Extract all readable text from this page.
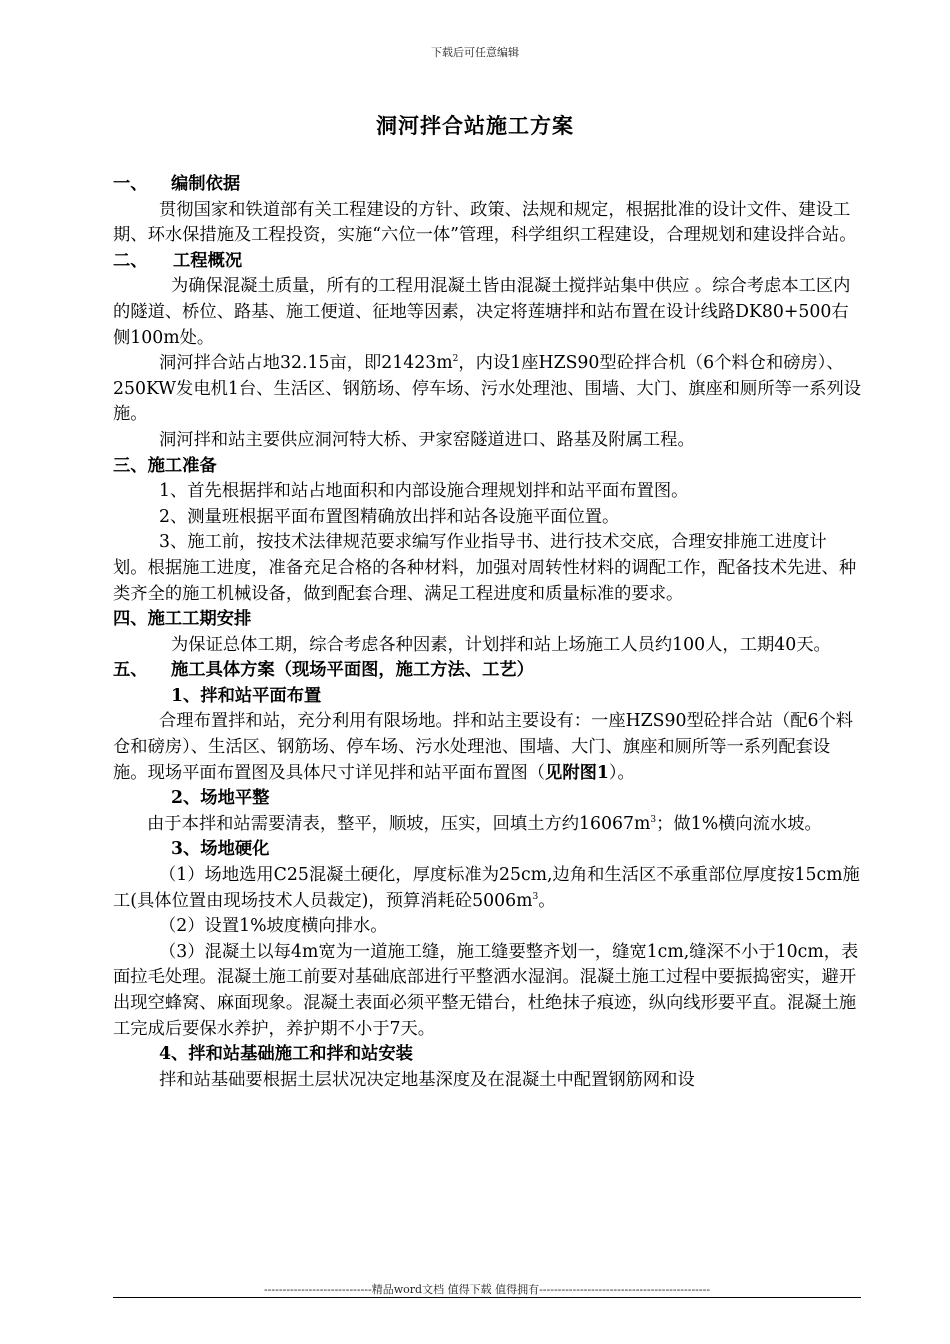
下载后可任意编辑
洞河拌合站施工方案

一、 编制依据

贯彻国家和铁道部有关工程建设的方针、政策、法规和规定，根据批准的设计文件、建设工期、环水保措施及工程投资，实施“六位一体”管理，科学组织工程建设，合理规划和建设拌合站。

二、 工程概况

为确保混凝土质量，所有的工程用混凝土皆由混凝土搅拌站集中供应 。综合考虑本工区内的隧道、桥位、路基、施工便道、征地等因素，决定将莲塘拌和站布置在设计线路DK80+500右侧100m处。

洞河拌合站占地32.15亩，即$21423m^2$，内设1座HZS90型砼拌合机（6个料仓和磅房）、250KW发电机1台、生活区、钢筋场、停车场、污水处理池、围墙、大门、旗座和厕所等一系列设施。

洞河拌和站主要供应洞河特大桥、尹家窑隧道进口、路基及附属工程。

三、施工准备

1、首先根据拌和站占地面积和内部设施合理规划拌和站平面布置图。

2、测量班根据平面布置图精确放出拌和站各设施平面位置。

3、施工前，按技术法律规范要求编写作业指导书、进行技术交底，合理安排施工进度计划。根据施工进度，准备充足合格的各种材料，加强对周转性材料的调配工作，配备技术先进、种类齐全的施工机械设备，做到配套合理、满足工程进度和质量标准的要求。

四、施工工期安排

为保证总体工期，综合考虑各种因素，计划拌和站上场施工人员约100人，工期40天。

五、 施工具体方案（现场平面图，施工方法、工艺）

1、拌和站平面布置

合理布置拌和站，充分利用有限场地。拌和站主要设有：一座HZS90型砼拌合站（配6个料仓和磅房）、生活区、钢筋场、停车场、污水处理池、围墙、大门、旗座和厕所等一系列配套设施。现场平面布置图及具体尺寸详见拌和站平面布置图（见附图1）。

2、场地平整

由于本拌和站需要清表，整平，顺坡，压实，回填土方约$16067m^3$；做1%横向流水坡。

3、场地硬化

（1）场地选用C25混凝土硬化，厚度标准为25cm,边角和生活区不承重部位厚度按15cm施工(具体位置由现场技术人员裁定)，预算消耗砼$5006m^3$。

（2）设置1%坡度横向排水。

（3）混凝土以每4m宽为一道施工缝，施工缝要整齐划一，缝宽1cm,缝深不小于10cm，表面拉毛处理。混凝土施工前要对基础底部进行平整洒水湿润。混凝土施工过程中要振捣密实，避开出现空蜂窝、麻面现象。混凝土表面必须平整无错台，杜绝抹子痕迹，纵向线形要平直。混凝土施工完成后要保水养护，养护期不小于7天。

4、拌和站基础施工和拌和站安装

拌和站基础要根据土层状况决定地基深度及在混凝土中配置钢筋网和设

-----------------------------精品word文档 值得下载 值得拥有----------------------------------------------
